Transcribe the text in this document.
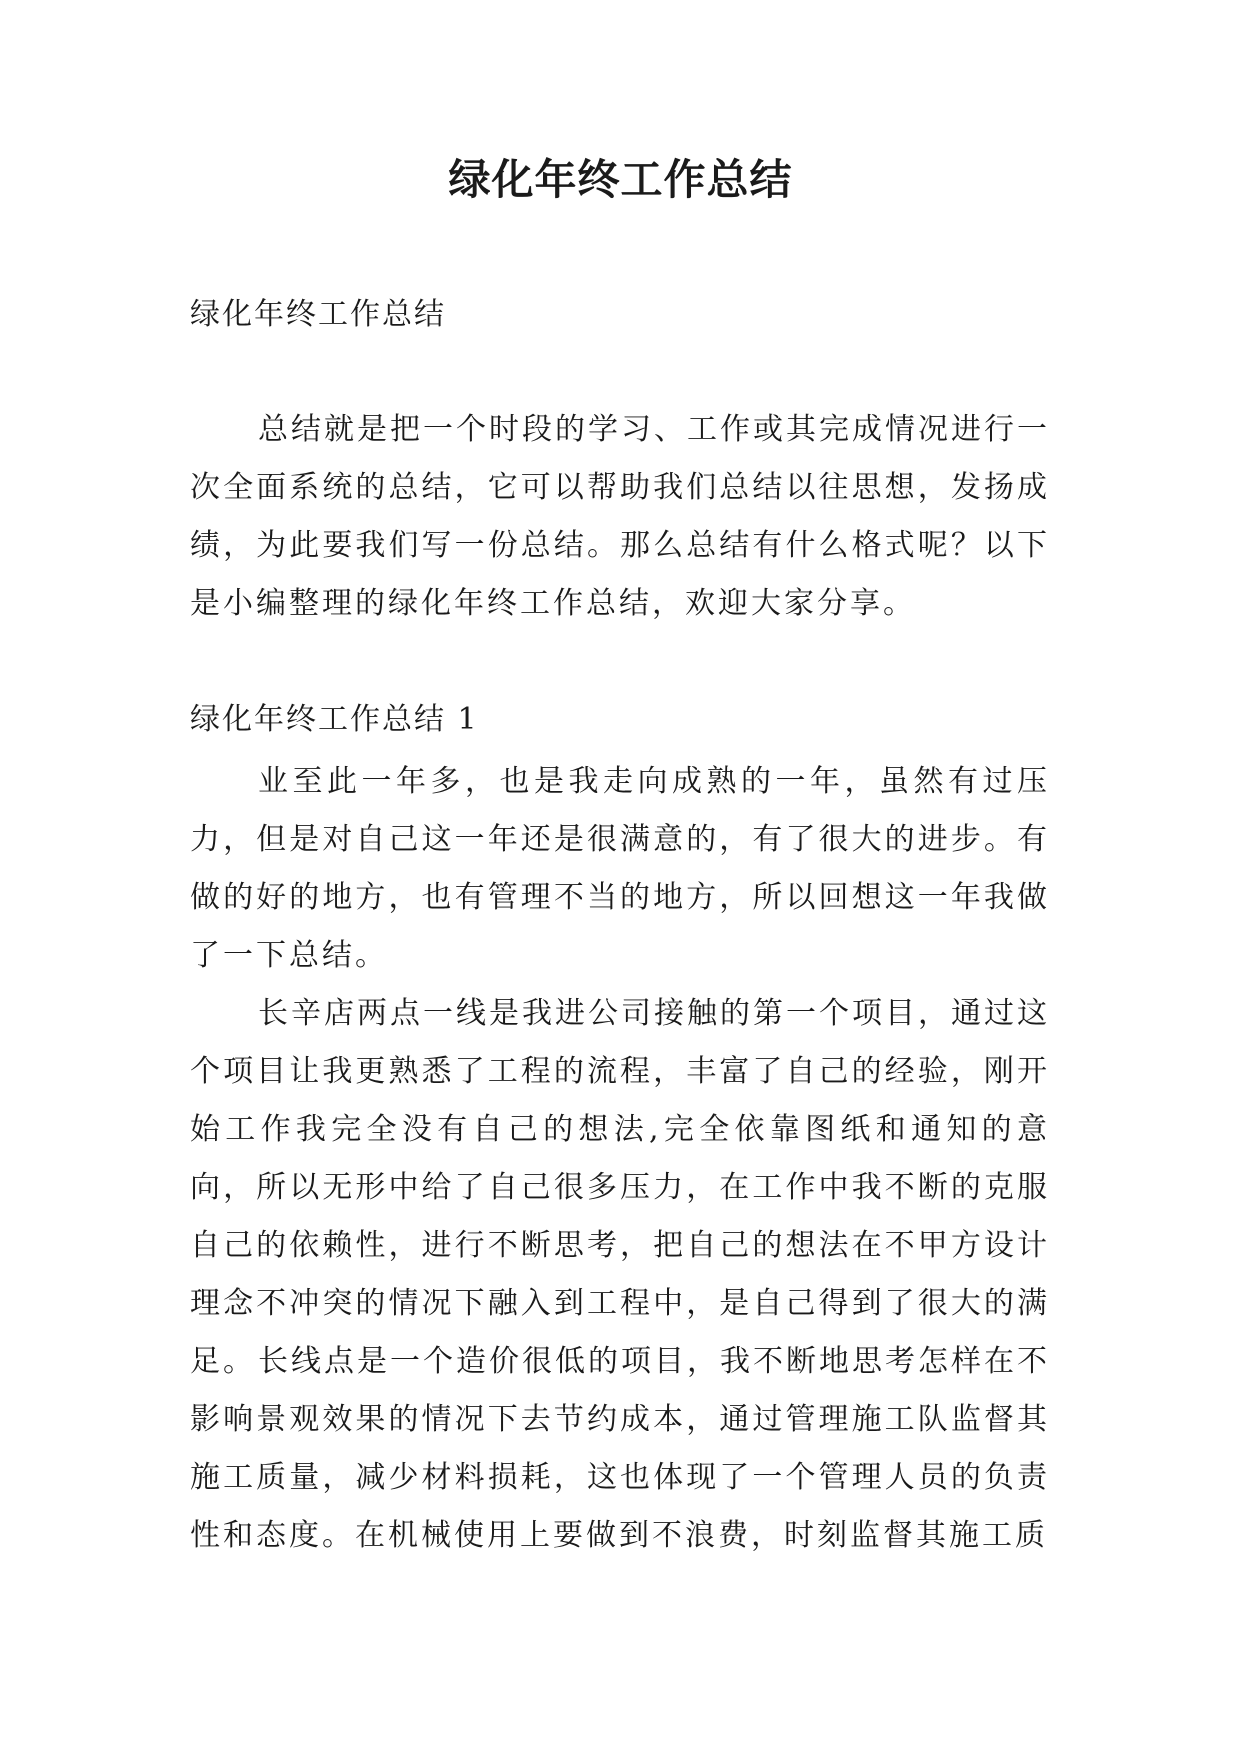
绿化年终工作总结

绿化年终工作总结

总结就是把一个时段的学习、工作或其完成情况进行一次全面系统的总结，它可以帮助我们总结以往思想，发扬成绩，为此要我们写一份总结。那么总结有什么格式呢？以下是小编整理的绿化年终工作总结，欢迎大家分享。

绿化年终工作总结 1

业至此一年多，也是我走向成熟的一年，虽然有过压力，但是对自己这一年还是很满意的，有了很大的进步。有做的好的地方，也有管理不当的地方，所以回想这一年我做了一下总结。

长辛店两点一线是我进公司接触的第一个项目，通过这个项目让我更熟悉了工程的流程，丰富了自己的经验，刚开始工作我完全没有自己的想法,完全依靠图纸和通知的意向，所以无形中给了自己很多压力，在工作中我不断的克服自己的依赖性，进行不断思考，把自己的想法在不甲方设计理念不冲突的情况下融入到工程中，是自己得到了很大的满足。 长线点是一个造价很低的项目，我不断地思考怎样在不影响景观效果的情况下去节约成本，通过管理施工队监督其施工质量，减少材料损耗，这也体现了一个管理人员的负责性和态度。在机械使用上要做到不浪费，时刻监督其施工质
